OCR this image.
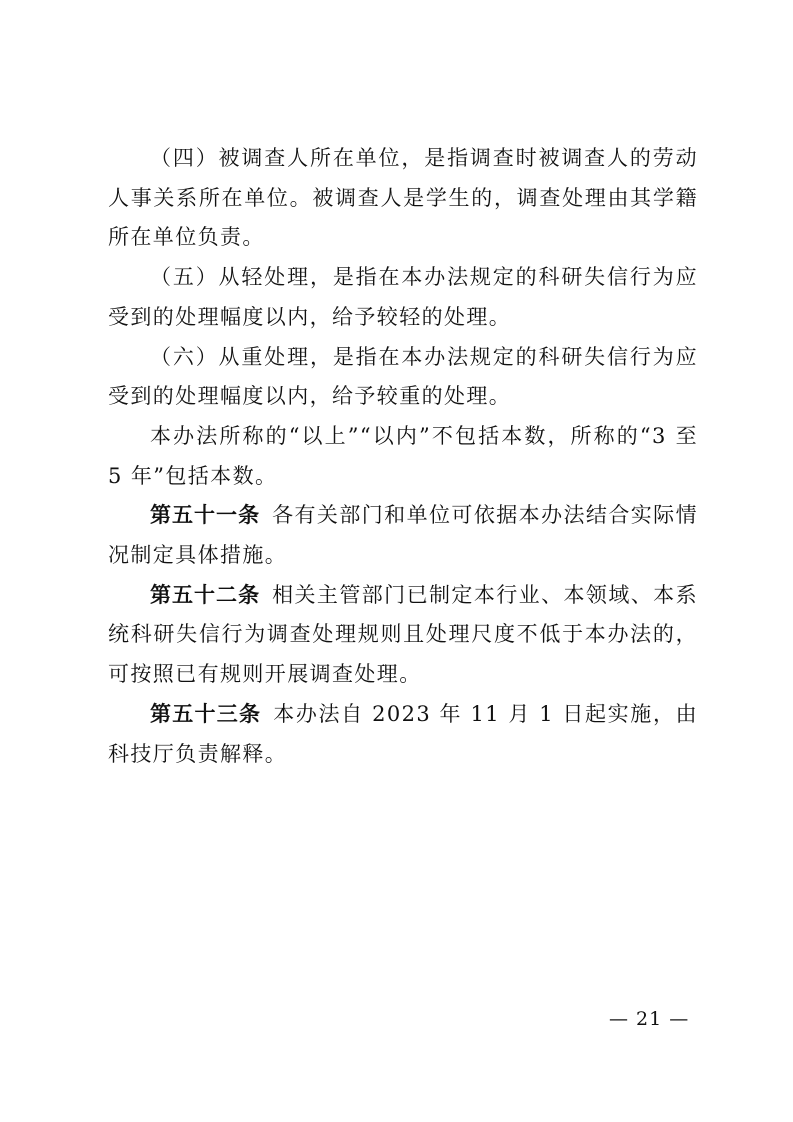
（四）被调查人所在单位，是指调查时被调查人的劳动人事关系所在单位。被调查人是学生的，调查处理由其学籍所在单位负责。

（五）从轻处理，是指在本办法规定的科研失信行为应受到的处理幅度以内，给予较轻的处理。

（六）从重处理，是指在本办法规定的科研失信行为应受到的处理幅度以内，给予较重的处理。

本办法所称的“以上”“以内”不包括本数，所称的“3 至 5 年”包括本数。

第五十一条 各有关部门和单位可依据本办法结合实际情况制定具体措施。

第五十二条 相关主管部门已制定本行业、本领域、本系统科研失信行为调查处理规则且处理尺度不低于本办法的，可按照已有规则开展调查处理。

第五十三条 本办法自 2023 年 11 月 1 日起实施，由科技厅负责解释。

— 21 —
